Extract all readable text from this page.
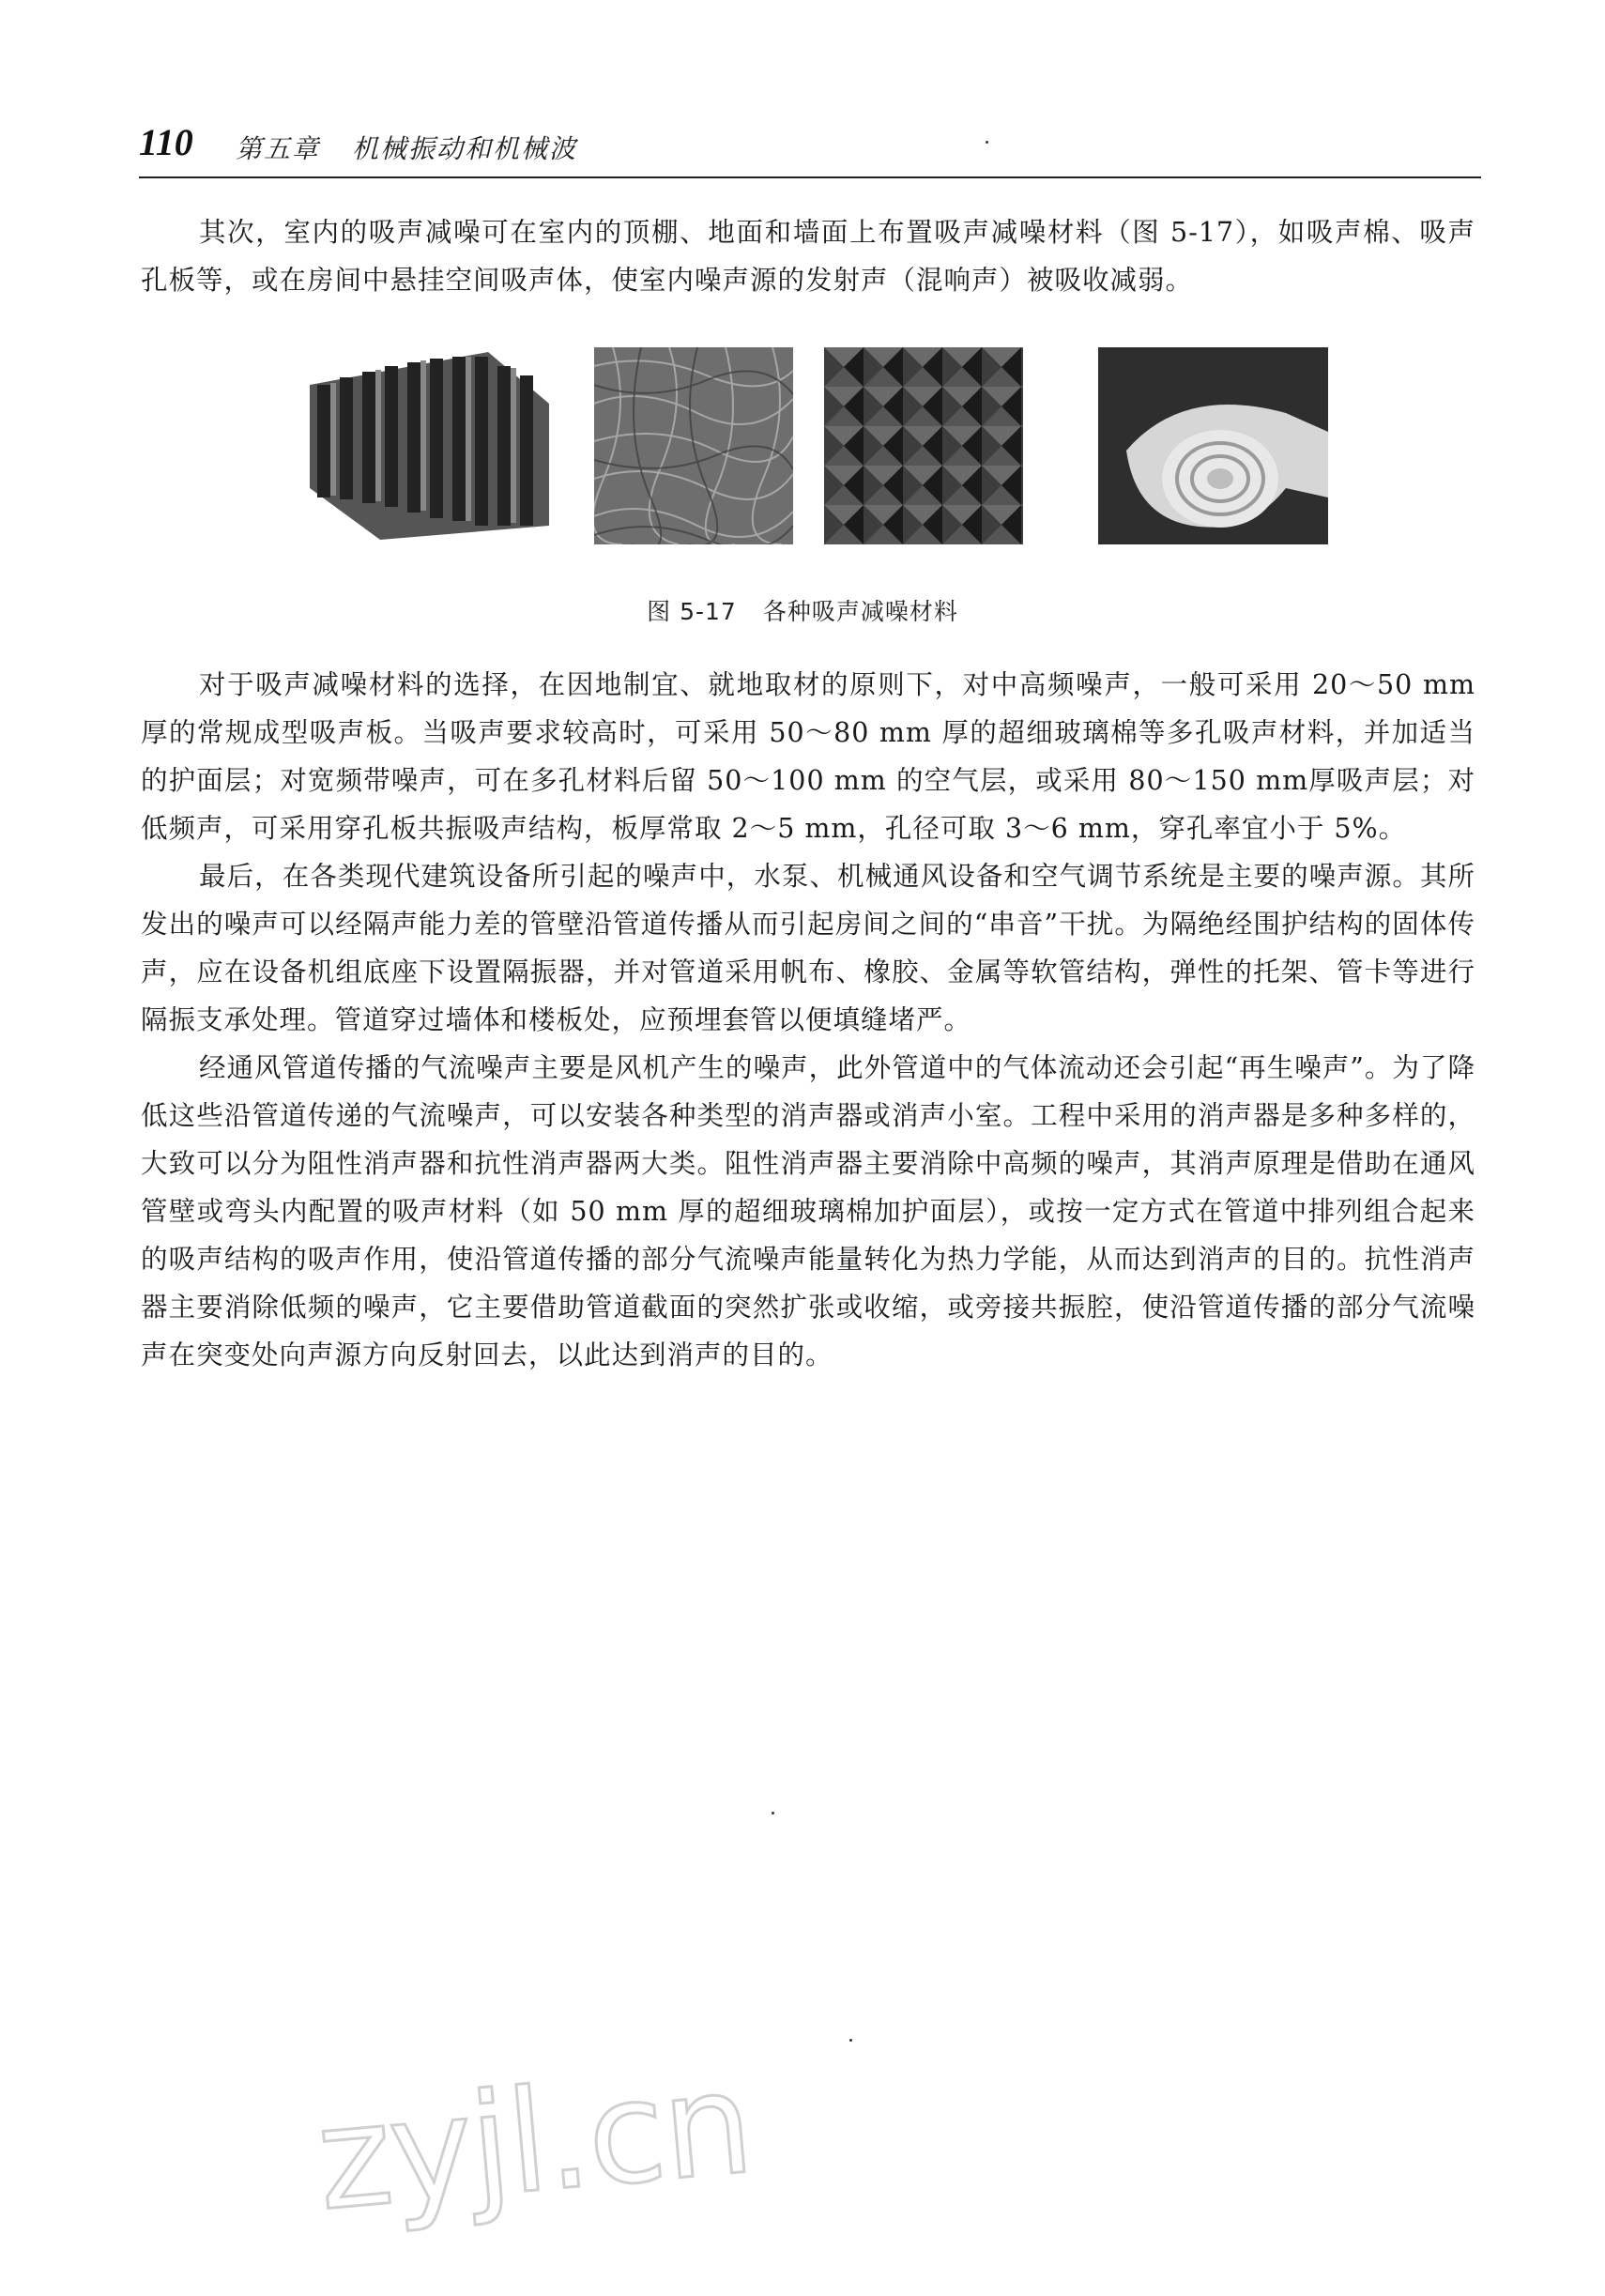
110 第五章 机械振动和机械波

其次，室内的吸声减噪可在室内的顶棚、地面和墙面上布置吸声减噪材料（图 5-17），如吸声棉、吸声孔板等，或在房间中悬挂空间吸声体，使室内噪声源的发射声（混响声）被吸收减弱。

图 5-17 各种吸声减噪材料

对于吸声减噪材料的选择，在因地制宜、就地取材的原则下，对中高频噪声，一般可采用 20～50 mm 厚的常规成型吸声板。当吸声要求较高时，可采用 50～80 mm 厚的超细玻璃棉等多孔吸声材料，并加适当的护面层；对宽频带噪声，可在多孔材料后留 50～100 mm 的空气层，或采用 80～150 mm厚吸声层；对低频声，可采用穿孔板共振吸声结构，板厚常取 2～5 mm，孔径可取 3～6 mm，穿孔率宜小于 5%。

最后，在各类现代建筑设备所引起的噪声中，水泵、机械通风设备和空气调节系统是主要的噪声源。其所发出的噪声可以经隔声能力差的管壁沿管道传播从而引起房间之间的“串音”干扰。为隔绝经围护结构的固体传声，应在设备机组底座下设置隔振器，并对管道采用帆布、橡胶、金属等软管结构，弹性的托架、管卡等进行隔振支承处理。管道穿过墙体和楼板处，应预埋套管以便填缝堵严。

经通风管道传播的气流噪声主要是风机产生的噪声，此外管道中的气体流动还会引起“再生噪声”。为了降低这些沿管道传递的气流噪声，可以安装各种类型的消声器或消声小室。工程中采用的消声器是多种多样的，大致可以分为阻性消声器和抗性消声器两大类。阻性消声器主要消除中高频的噪声，其消声原理是借助在通风管壁或弯头内配置的吸声材料（如 50 mm 厚的超细玻璃棉加护面层），或按一定方式在管道中排列组合起来的吸声结构的吸声作用，使沿管道传播的部分气流噪声能量转化为热力学能，从而达到消声的目的。抗性消声器主要消除低频的噪声，它主要借助管道截面的突然扩张或收缩，或旁接共振腔，使沿管道传播的部分气流噪声在突变处向声源方向反射回去，以此达到消声的目的。

zyjl.cn
